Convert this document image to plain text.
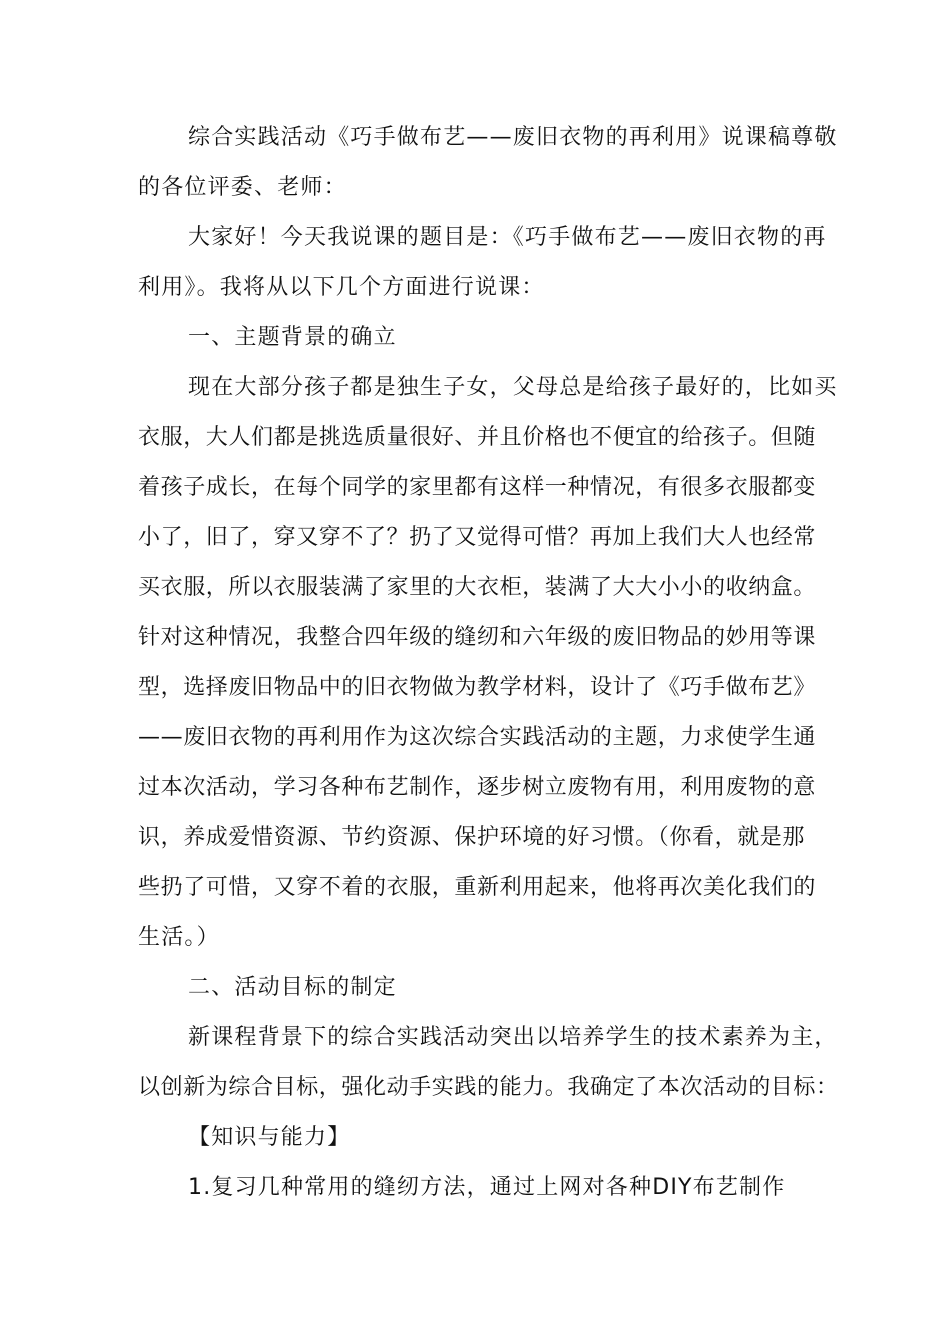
综合实践活动《巧手做布艺——废旧衣物的再利用》说课稿尊敬
的各位评委、老师：
大家好！今天我说课的题目是：《巧手做布艺——废旧衣物的再
利用》。我将从以下几个方面进行说课：
一、主题背景的确立
现在大部分孩子都是独生子女，父母总是给孩子最好的，比如买
衣服，大人们都是挑选质量很好、并且价格也不便宜的给孩子。但随
着孩子成长，在每个同学的家里都有这样一种情况，有很多衣服都变
小了，旧了，穿又穿不了？扔了又觉得可惜？再加上我们大人也经常
买衣服，所以衣服装满了家里的大衣柜，装满了大大小小的收纳盒。
针对这种情况，我整合四年级的缝纫和六年级的废旧物品的妙用等课
型，选择废旧物品中的旧衣物做为教学材料，设计了《巧手做布艺》
——废旧衣物的再利用作为这次综合实践活动的主题，力求使学生通
过本次活动，学习各种布艺制作，逐步树立废物有用，利用废物的意
识，养成爱惜资源、节约资源、保护环境的好习惯。（你看，就是那
些扔了可惜，又穿不着的衣服，重新利用起来，他将再次美化我们的
生活。）
二、活动目标的制定
新课程背景下的综合实践活动突出以培养学生的技术素养为主，
以创新为综合目标，强化动手实践的能力。我确定了本次活动的目标：
【知识与能力】
1.复习几种常用的缝纫方法，通过上网对各种DIY布艺制作
